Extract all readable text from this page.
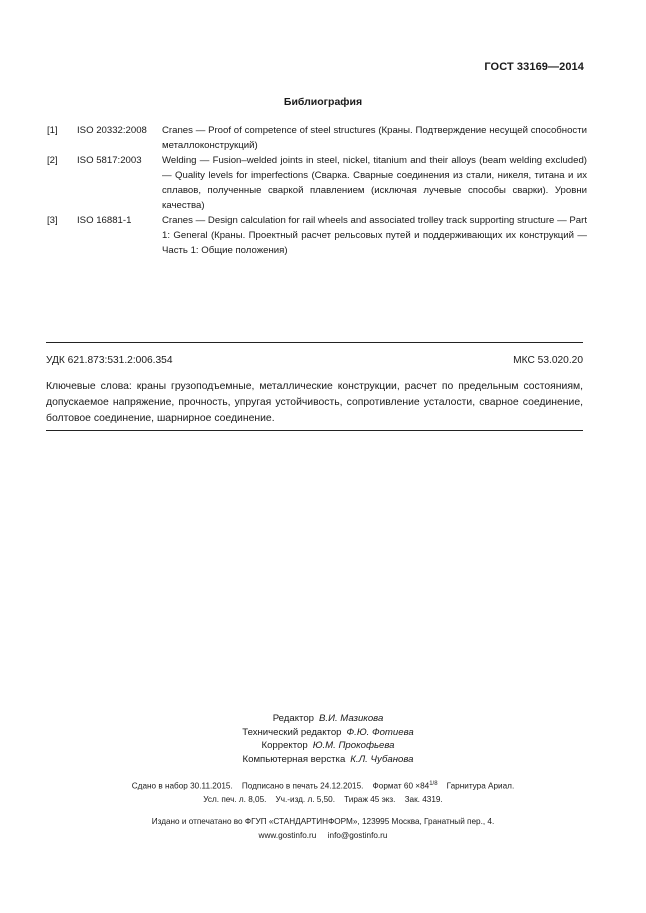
ГОСТ 33169—2014
Библиография
[1] ISO 20332:2008 Cranes — Proof of competence of steel structures (Краны. Подтверждение несущей способности металлоконструкций)
[2] ISO 5817:2003 Welding — Fusion–welded joints in steel, nickel, titanium and their alloys (beam welding excluded) — Quality levels for imperfections (Сварка. Сварные соединения из стали, никеля, титана и их сплавов, полученные сваркой плавлением (исключая лучевые способы сварки). Уровни качества)
[3] ISO 16881-1	Cranes — Design calculation for rail wheels and associated trolley track supporting structure — Part 1: General (Краны. Проектный расчет рельсовых путей и поддерживающих их конструкций — Часть 1: Общие положения)
УДК 621.873:531.2:006.354	МКС 53.020.20
Ключевые слова: краны грузоподъемные, металлические конструкции, расчет по предельным состояниям, допускаемое напряжение, прочность, упругая устойчивость, сопротивление усталости, сварное соединение, болтовое соединение, шарнирное соединение.
Редактор В.И. Мазикова
Технический редактор Ф.Ю. Фотиева
Корректор Ю.М. Прокофьева
Компьютерная верстка К.Л. Чубанова
Сдано в набор 30.11.2015. Подписано в печать 24.12.2015. Формат $60 \times 84^{1/8}$ Гарнитура Ариал.
Усл. печ. л. 8,05. Уч.-изд. л. 5,50. Тираж 45 экз. Зак. 4319.
Издано и отпечатано во ФГУП «СТАНДАРТИНФОРМ», 123995 Москва, Гранатный пер., 4.
www.gostinfo.ru info@gostinfo.ru
